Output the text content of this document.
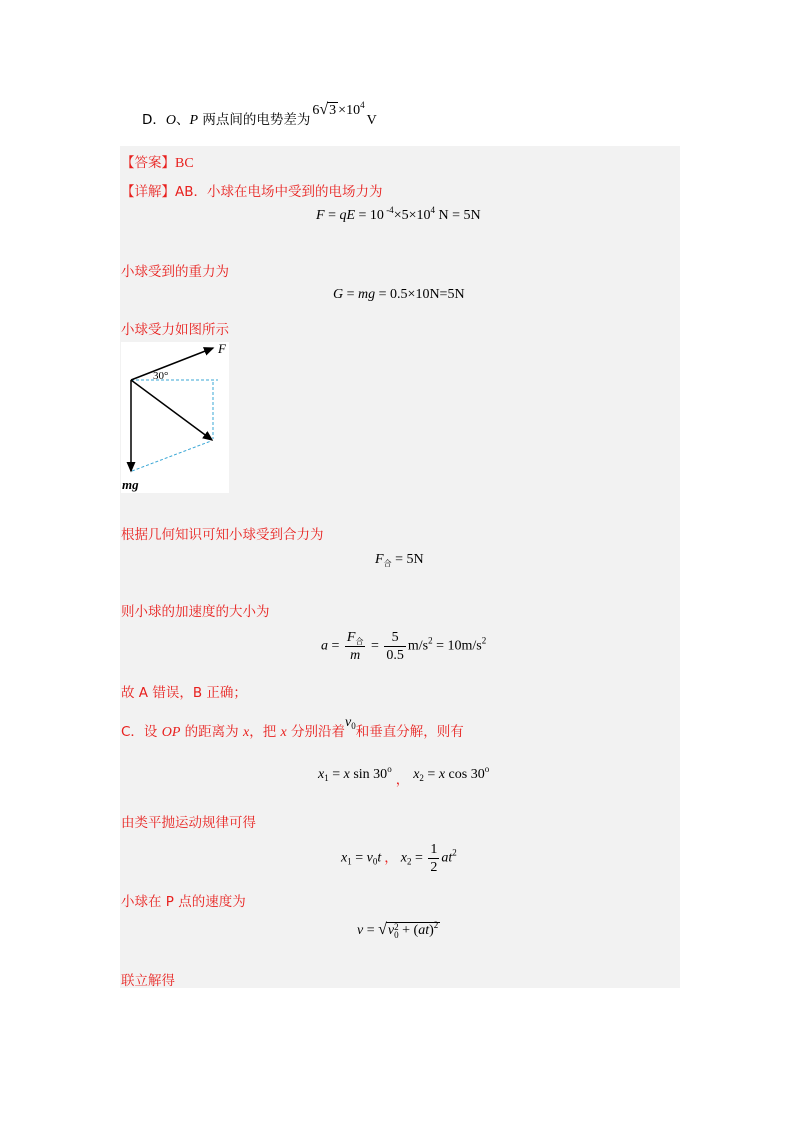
D．O、P 两点间的电势差为$6√3 \times 10^4V$
【答案】BC
【详解】AB．小球在电场中受到的电场力为
F = qE = 10 $^{-4}\times 5\times 10^4$ N = 5N
小球受到的重力为
G = mg = 0.5×10N=5N
小球受力如图所示
F
30°
mg
根据几何知识可知小球受到合力为
$F_合 = 5N$
则小球的加速度的大小为
$a = \frac{F_合}{m} = \frac{5}{0.5} m/s^2 = 10m/s^2$
故 A 错误，B 正确；
C．设 OP 的距离为 x，把 x 分别沿着$v_0$和垂直分解，则有
$x_1 = x$ sin 30$^o$， $x_2 = x$ cos 30$^o$
由类平抛运动规律可得
$x_1 = v_0t$ ， $x_2 = \frac{1}{2} at^2$
小球在 P 点的速度为
v = √v 2
0 + (at)$^2$
联立解得
